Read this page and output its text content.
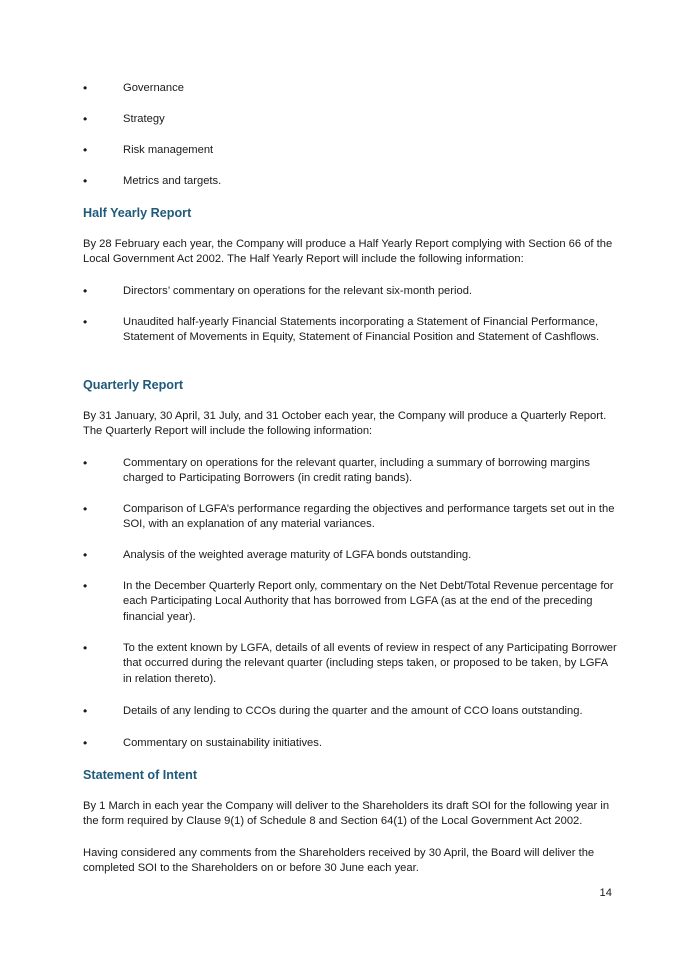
•	Governance
•	Strategy
•	Risk management
•	Metrics and targets.
Half Yearly Report
By 28 February each year, the Company will produce a Half Yearly Report complying with Section 66 of the Local Government Act 2002. The Half Yearly Report will include the following information:
•	Directors’ commentary on operations for the relevant six-month period.
•	Unaudited half-yearly Financial Statements incorporating a Statement of Financial Performance, Statement of Movements in Equity, Statement of Financial Position and Statement of Cashflows.
Quarterly Report
By 31 January, 30 April, 31 July, and 31 October each year, the Company will produce a Quarterly Report. The Quarterly Report will include the following information:
•	Commentary on operations for the relevant quarter, including a summary of borrowing margins charged to Participating Borrowers (in credit rating bands).
•	Comparison of LGFA’s performance regarding the objectives and performance targets set out in the SOI, with an explanation of any material variances.
•	Analysis of the weighted average maturity of LGFA bonds outstanding.
•	In the December Quarterly Report only, commentary on the Net Debt/Total Revenue percentage for each Participating Local Authority that has borrowed from LGFA (as at the end of the preceding financial year).
•	To the extent known by LGFA, details of all events of review in respect of any Participating Borrower that occurred during the relevant quarter (including steps taken, or proposed to be taken, by LGFA in relation thereto).
•	Details of any lending to CCOs during the quarter and the amount of CCO loans outstanding.
•	Commentary on sustainability initiatives.
Statement of Intent
By 1 March in each year the Company will deliver to the Shareholders its draft SOI for the following year in the form required by Clause 9(1) of Schedule 8 and Section 64(1) of the Local Government Act 2002.
Having considered any comments from the Shareholders received by 30 April, the Board will deliver the completed SOI to the Shareholders on or before 30 June each year.
14
